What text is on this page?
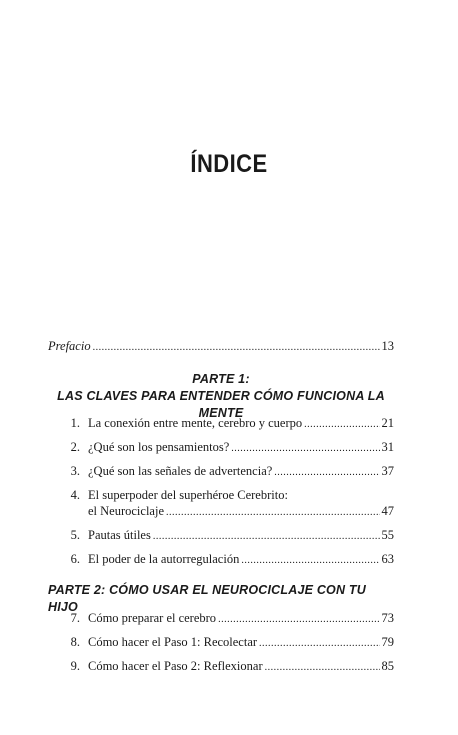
ÍNDICE
Prefacio .....	13
PARTE 1:
LAS CLAVES PARA ENTENDER CÓMO FUNCIONA LA MENTE
1. La conexión entre mente, cerebro y cuerpo .....	21
2. ¿Qué son los pensamientos? .....	31
3. ¿Qué son las señales de advertencia? .....	37
4. El superpoder del superhéroe Cerebrito:
el Neurociclaje .....	47
5. Pautas útiles .....	55
6. El poder de la autorregulación .....	63
PARTE 2: CÓMO USAR EL NEUROCICLAJE CON TU HIJO
7. Cómo preparar el cerebro .....	73
8. Cómo hacer el Paso 1: Recolectar .....	79
9. Cómo hacer el Paso 2: Reflexionar .....	85
